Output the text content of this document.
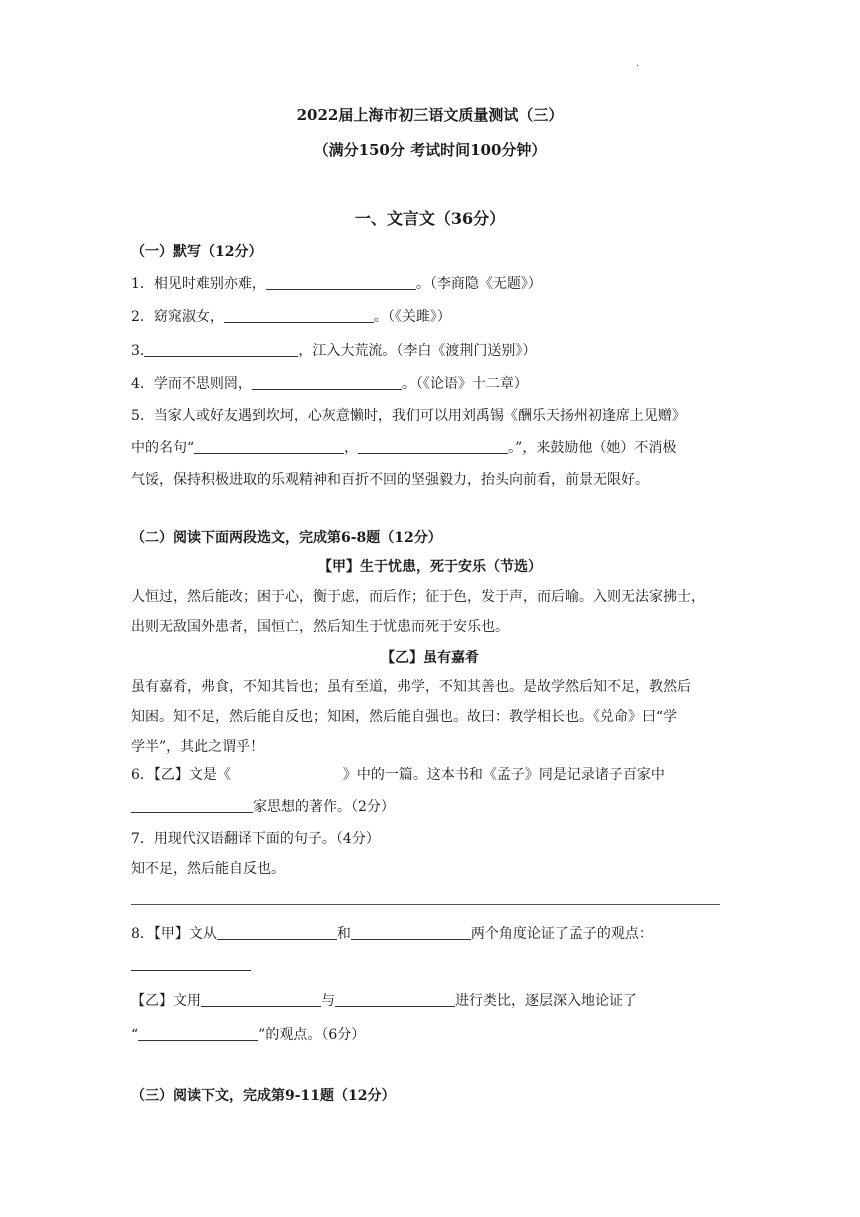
.
2022届上海市初三语文质量测试（三）
（满分150分 考试时间100分钟）
一、文言文（36分）
（一）默写（12分）
1．相见时难别亦难，	。（李商隐《无题》）
2．窈窕淑女，	。（《关雎》）
3.	，江入大荒流。（李白《渡荆门送别》）
4．学而不思则罔，	。（《论语》十二章）
5．当家人或好友遇到坎坷，心灰意懒时，我们可以用刘禹锡《酬乐天扬州初逢席上见赠》
中的名句“	，	。”，来鼓励他（她）不消极
气馁，保持积极进取的乐观精神和百折不回的坚强毅力，抬头向前看，前景无限好。
（二）阅读下面两段选文，完成第6-8题（12分）
【甲】生于忧患，死于安乐（节选）
人恒过，然后能改；困于心，衡于虑，而后作；征于色，发于声，而后喻。入则无法家拂士，
出则无敌国外患者，国恒亡，然后知生于忧患而死于安乐也。
【乙】虽有嘉肴
虽有嘉肴，弗食，不知其旨也；虽有至道，弗学，不知其善也。是故学然后知不足，教然后
知困。知不足，然后能自反也；知困，然后能自强也。故曰：教学相长也。《兑命》曰“学
学半”，其此之谓乎！
6．【乙】文是《	》中的一篇。这本书和《孟子》同是记录诸子百家中
家思想的著作。（2分）
7．用现代汉语翻译下面的句子。（4分）
知不足，然后能自反也。
8．【甲】文从	和	两个角度论证了孟子的观点：
【乙】文用	与	进行类比，逐层深入地论证了
“	”的观点。（6分）
（三）阅读下文，完成第9-11题（12分）
